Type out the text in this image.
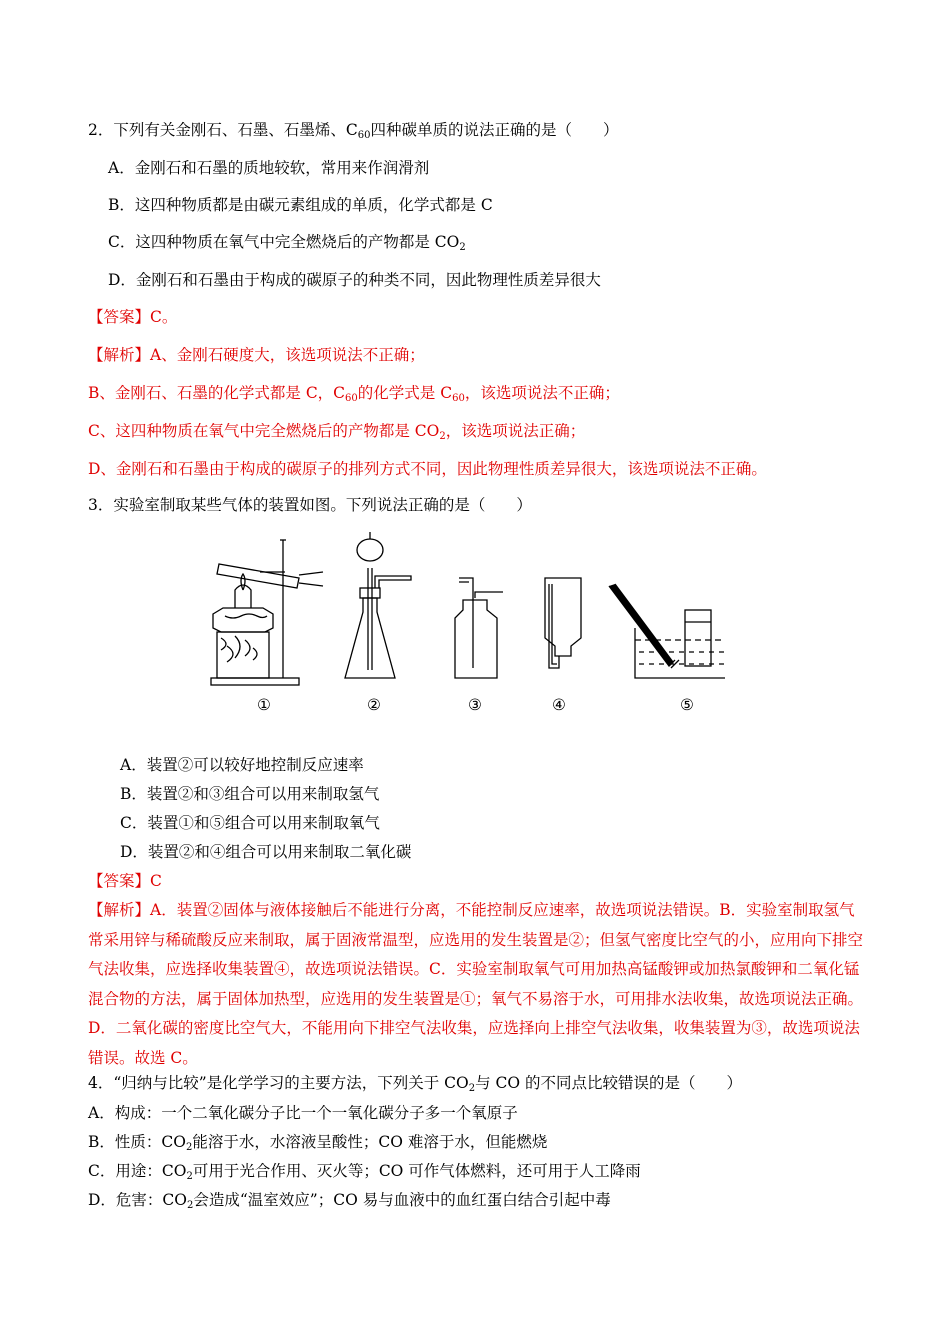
2．下列有关金刚石、石墨、石墨烯、$C_{60}$四种碳单质的说法正确的是（　　）
A．金刚石和石墨的质地较软，常用来作润滑剂
B．这四种物质都是由碳元素组成的单质，化学式都是 C
C．这四种物质在氧气中完全燃烧后的产物都是 $CO_2$
D．金刚石和石墨由于构成的碳原子的种类不同，因此物理性质差异很大
【答案】C。
【解析】A、金刚石硬度大，该选项说法不正确；
B、金刚石、石墨的化学式都是 C，$C_{60}$的化学式是 $C_{60}$，该选项说法不正确；
C、这四种物质在氧气中完全燃烧后的产物都是 $CO_2$，该选项说法正确；
D、金刚石和石墨由于构成的碳原子的排列方式不同，因此物理性质差异很大，该选项说法不正确。
3．实验室制取某些气体的装置如图。下列说法正确的是（　　）
①	②	③	④	⑤
A．装置②可以较好地控制反应速率
B．装置②和③组合可以用来制取氢气
C．装置①和⑤组合可以用来制取氧气
D．装置②和④组合可以用来制取二氧化碳
【答案】C
【解析】A．装置②固体与液体接触后不能进行分离，不能控制反应速率，故选项说法错误。B．实验室制取氢气常采用锌与稀硫酸反应来制取，属于固液常温型，应选用的发生装置是②；但氢气密度比空气的小，应用向下排空气法收集，应选择收集装置④，故选项说法错误。C．实验室制取氧气可用加热高锰酸钾或加热氯酸钾和二氧化锰混合物的方法，属于固体加热型，应选用的发生装置是①；氧气不易溶于水，可用排水法收集，故选项说法正确。D．二氧化碳的密度比空气大，不能用向下排空气法收集，应选择向上排空气法收集，收集装置为③，故选项说法错误。故选 C。
4．“归纳与比较”是化学学习的主要方法，下列关于 $CO_2$与 CO 的不同点比较错误的是（　　）
A．构成：一个二氧化碳分子比一个一氧化碳分子多一个氧原子
B．性质：$CO_2$能溶于水，水溶液呈酸性；CO 难溶于水，但能燃烧
C．用途：$CO_2$可用于光合作用、灭火等；CO 可作气体燃料，还可用于人工降雨
D．危害：$CO_2$会造成“温室效应”；CO 易与血液中的血红蛋白结合引起中毒
